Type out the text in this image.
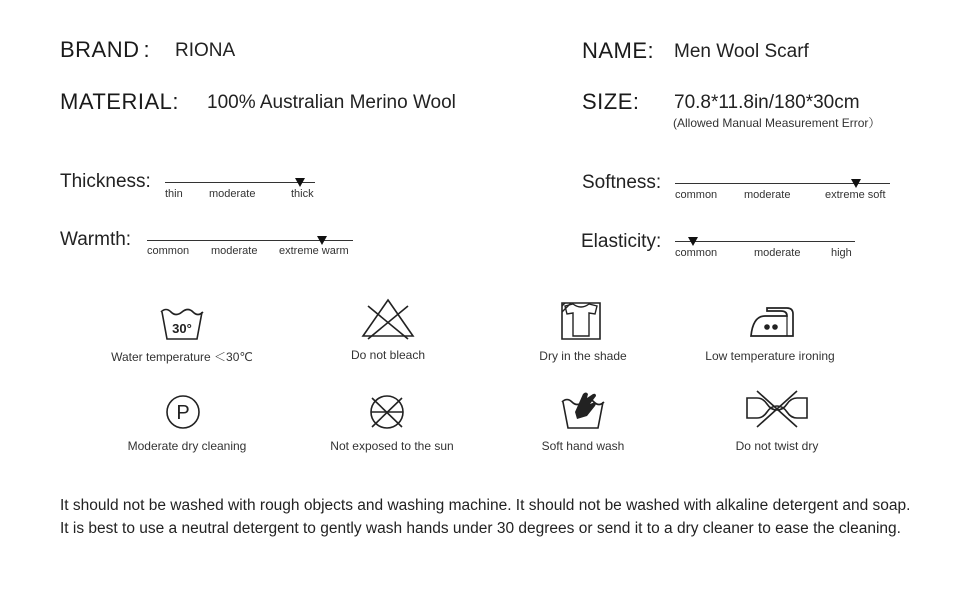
BRAND : RIONA	NAME: Men Wool Scarf
MATERIAL: 100% Australian Merino Wool	SIZE: 70.8*11.8in/180*30cm
(Allowed Manual Measurement Error）
Thickness:
thin moderate	thick
Warmth:
common moderate extreme warm
Softness:
common moderate	extreme soft
Elasticity:
common	moderate	high
30°
Water temperature ＜30℃	Do not bleach	Dry in the shade	Low temperature ironing
P
Moderate dry cleaning	Not exposed to the sun	Soft hand wash	Do not twist dry
It should not be washed with rough objects and washing machine. It should not be washed with alkaline detergent and soap. It is best to use a neutral detergent to gently wash hands under 30 degrees or send it to a dry cleaner to ease the cleaning.
